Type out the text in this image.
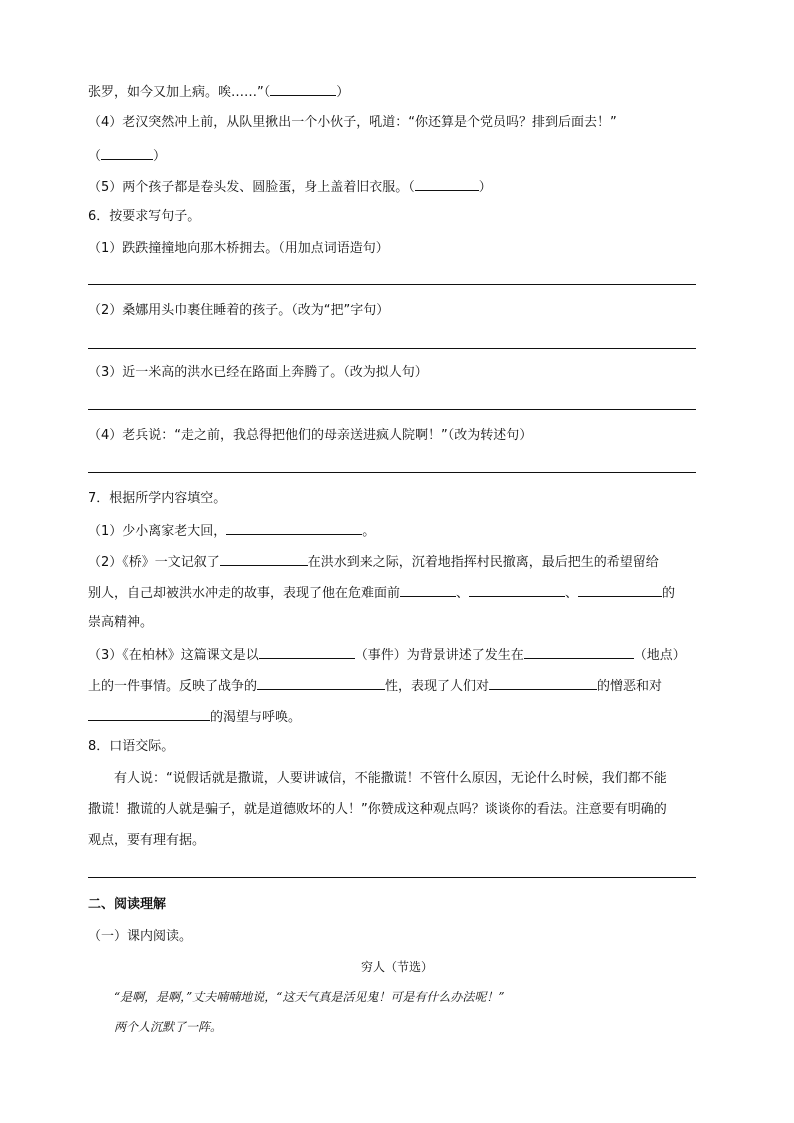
张罗，如今又加上病。唉……”（	）
（4）老汉突然冲上前，从队里揪出一个小伙子，吼道：“你还算是个党员吗？排到后面去！”
（	）
（5）两个孩子都是卷头发、圆脸蛋，身上盖着旧衣服。（	）
6．按要求写句子。
（1）跌跌撞撞地向那木桥拥去。（用加点词语造句）
（2）桑娜用头巾裹住睡着的孩子。（改为“把”字句）
（3）近一米高的洪水已经在路面上奔腾了。（改为拟人句）
（4）老兵说：“走之前，我总得把他们的母亲送进疯人院啊！”（改为转述句）
7．根据所学内容填空。
（1）少小离家老大回，	。
（2）《桥》一文记叙了	在洪水到来之际，沉着地指挥村民撤离，最后把生的希望留给
别人，自己却被洪水冲走的故事，表现了他在危难面前	、	、	的
崇高精神。
（3）《在柏林》这篇课文是以	（事件）为背景讲述了发生在	（地点）
上的一件事情。反映了战争的	性，表现了人们对	的憎恶和对
的渴望与呼唤。
8．口语交际。
有人说：“说假话就是撒谎，人要讲诚信，不能撒谎！不管什么原因，无论什么时候，我们都不能
撒谎！撒谎的人就是骗子，就是道德败坏的人！”你赞成这种观点吗？谈谈你的看法。注意要有明确的
观点，要有理有据。
二、阅读理解
（一）课内阅读。
穷人（节选）
“是啊，是啊，”丈夫喃喃地说，“这天气真是活见鬼！可是有什么办法呢！”
两个人沉默了一阵。
